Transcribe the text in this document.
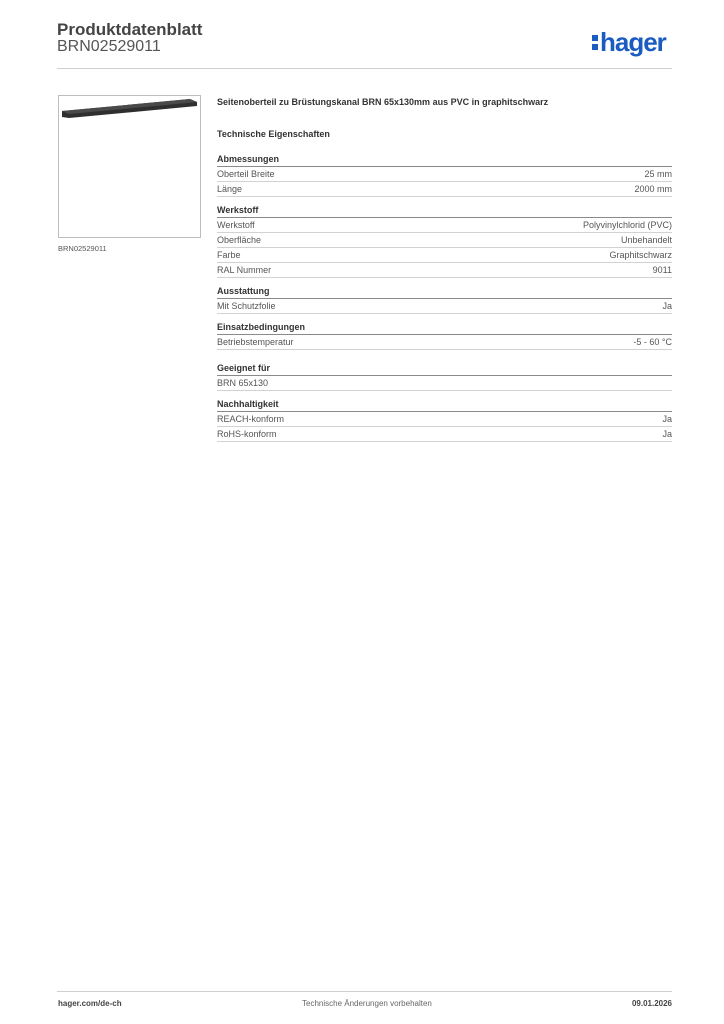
Produktdatenblatt
BRN02529011	hager
BRN02529011
Seitenoberteil zu Brüstungskanal BRN 65x130mm aus PVC in graphitschwarz
Technische Eigenschaften
Abmessungen
Oberteil Breite	25 mm
Länge	2000 mm
Werkstoff
Werkstoff	Polyvinylchlorid (PVC)
Oberfläche	Unbehandelt
Farbe	Graphitschwarz
RAL Nummer	9011
Ausstattung
Mit Schutzfolie	Ja
Einsatzbedingungen
Betriebstemperatur	-5 - 60 °C
Geeignet für
BRN 65x130
Nachhaltigkeit
REACH-konform	Ja
RoHS-konform	Ja
hager.com/de-ch	Technische Änderungen vorbehalten	09.01.2026
